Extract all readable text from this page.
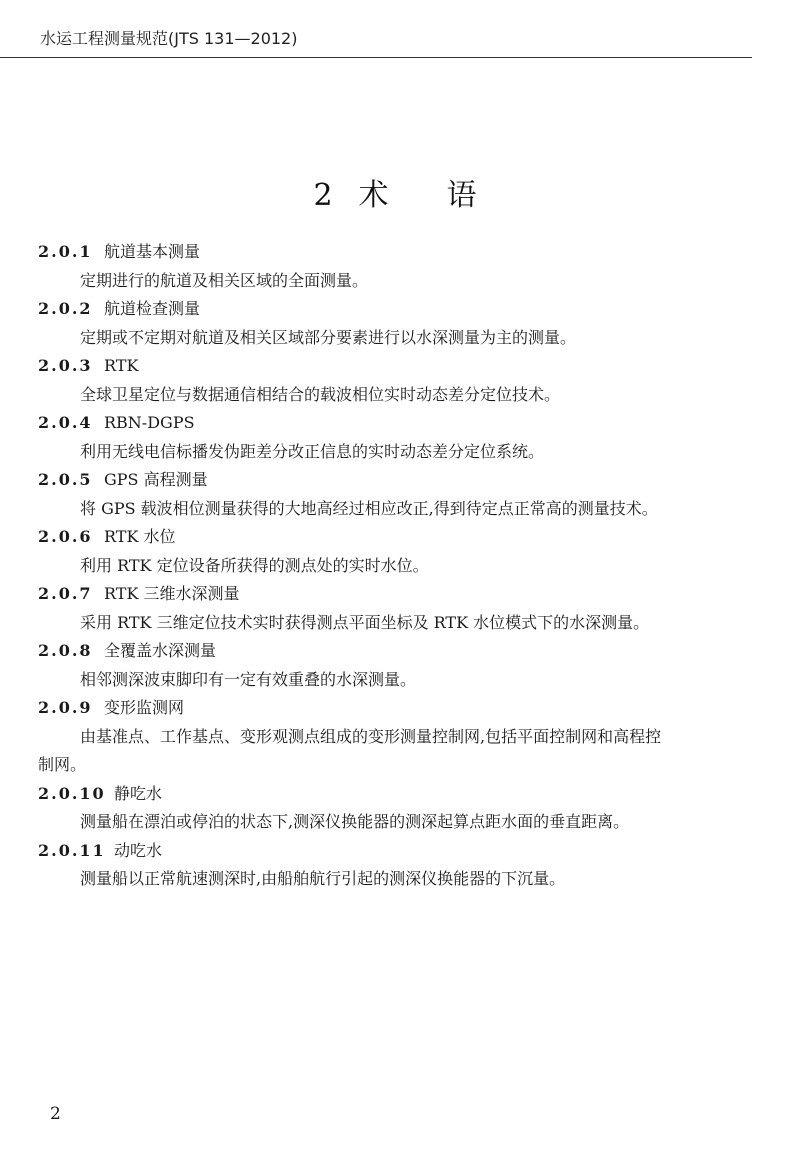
水运工程测量规范(JTS 131—2012)
2 术 语
2.0.1 航道基本测量
定期进行的航道及相关区域的全面测量。
2.0.2 航道检查测量
定期或不定期对航道及相关区域部分要素进行以水深测量为主的测量。
2.0.3 RTK
全球卫星定位与数据通信相结合的载波相位实时动态差分定位技术。
2.0.4 RBN-DGPS
利用无线电信标播发伪距差分改正信息的实时动态差分定位系统。
2.0.5 GPS 高程测量
将 GPS 载波相位测量获得的大地高经过相应改正,得到待定点正常高的测量技术。
2.0.6 RTK 水位
利用 RTK 定位设备所获得的测点处的实时水位。
2.0.7 RTK 三维水深测量
采用 RTK 三维定位技术实时获得测点平面坐标及 RTK 水位模式下的水深测量。
2.0.8 全覆盖水深测量
相邻测深波束脚印有一定有效重叠的水深测量。
2.0.9 变形监测网
由基准点、工作基点、变形观测点组成的变形测量控制网,包括平面控制网和高程控
制网。
2.0.10 静吃水
测量船在漂泊或停泊的状态下,测深仪换能器的测深起算点距水面的垂直距离。
2.0.11 动吃水
测量船以正常航速测深时,由船舶航行引起的测深仪换能器的下沉量。
2
